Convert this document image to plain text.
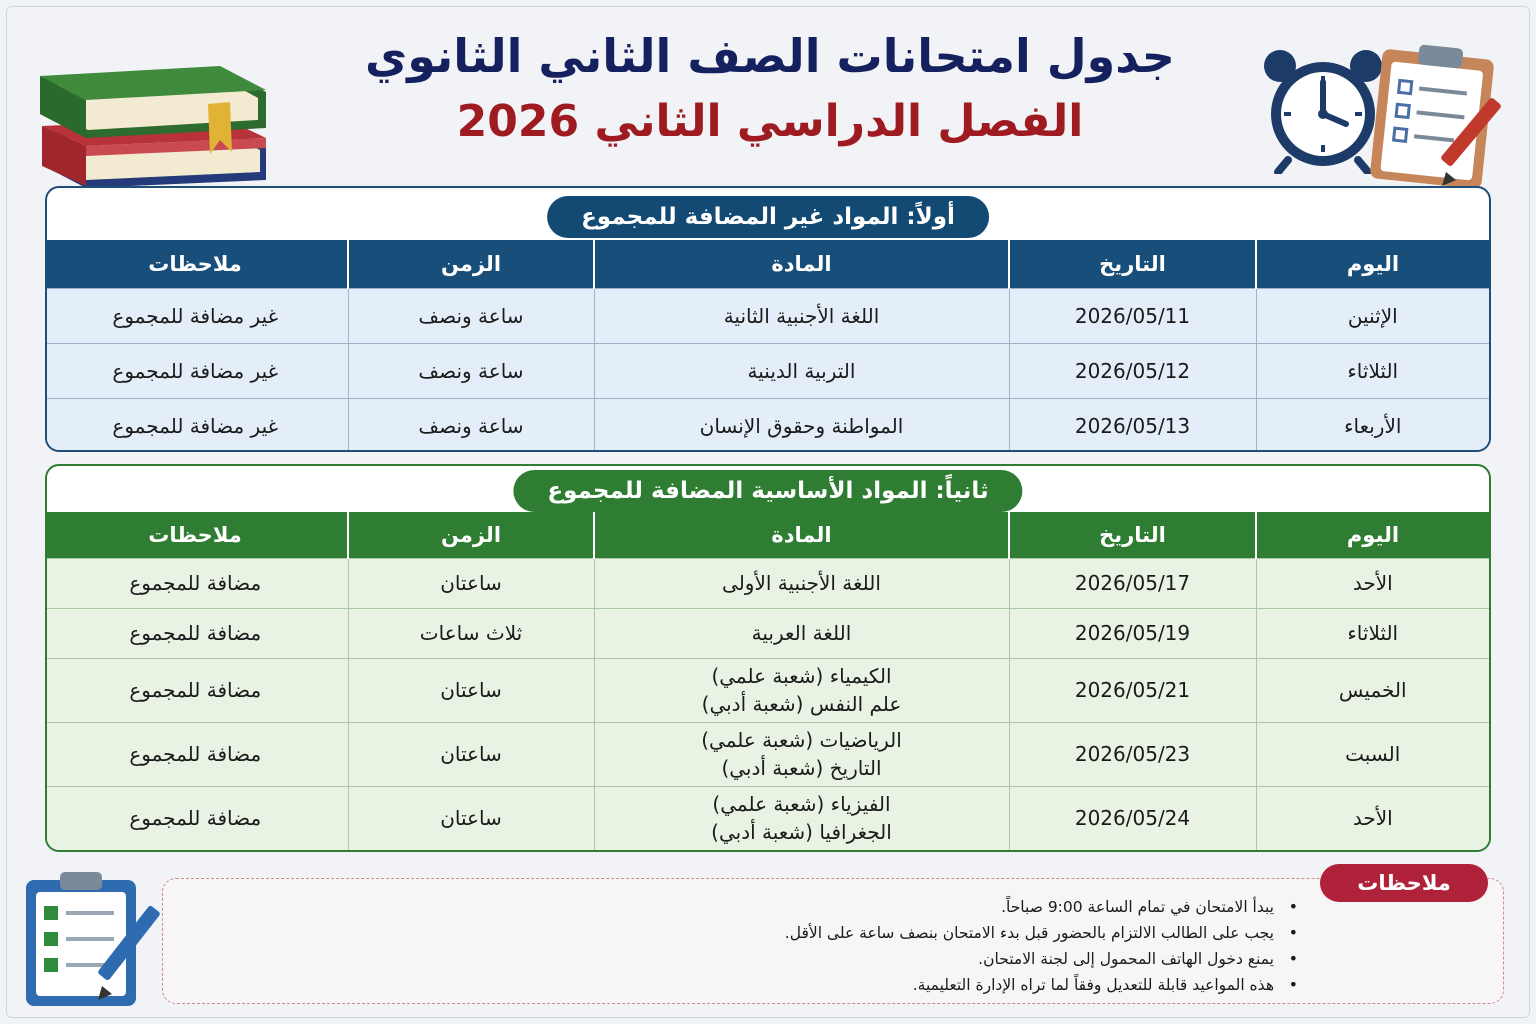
جدول امتحانات الصف الثاني الثانوي
الفصل الدراسي الثاني 2026
أولاً: المواد غير المضافة للمجموع
اليوم	التاريخ	المادة	الزمن	ملاحظات
الإثنين	2026/05/11	اللغة الأجنبية الثانية	ساعة ونصف	غير مضافة للمجموع
الثلاثاء	2026/05/12	التربية الدينية	ساعة ونصف	غير مضافة للمجموع
الأربعاء	2026/05/13	المواطنة وحقوق الإنسان	ساعة ونصف	غير مضافة للمجموع
ثانياً: المواد الأساسية المضافة للمجموع
اليوم	التاريخ	المادة	الزمن	ملاحظات
الأحد	2026/05/17	اللغة الأجنبية الأولى	ساعتان	مضافة للمجموع
الثلاثاء	2026/05/19	اللغة العربية	ثلاث ساعات	مضافة للمجموع
الخميس	2026/05/21	الكيمياء (شعبة علمي)
علم النفس (شعبة أدبي)	ساعتان	مضافة للمجموع
السبت	2026/05/23	الرياضيات (شعبة علمي)
التاريخ (شعبة أدبي)	ساعتان	مضافة للمجموع
الأحد	2026/05/24	الفيزياء (شعبة علمي)
الجغرافيا (شعبة أدبي)	ساعتان	مضافة للمجموع
ملاحظات
• يبدأ الامتحان في تمام الساعة 9:00 صباحاً.
• يجب على الطالب الالتزام بالحضور قبل بدء الامتحان بنصف ساعة على الأقل.
• يمنع دخول الهاتف المحمول إلى لجنة الامتحان.
• هذه المواعيد قابلة للتعديل وفقاً لما تراه الإدارة التعليمية.
